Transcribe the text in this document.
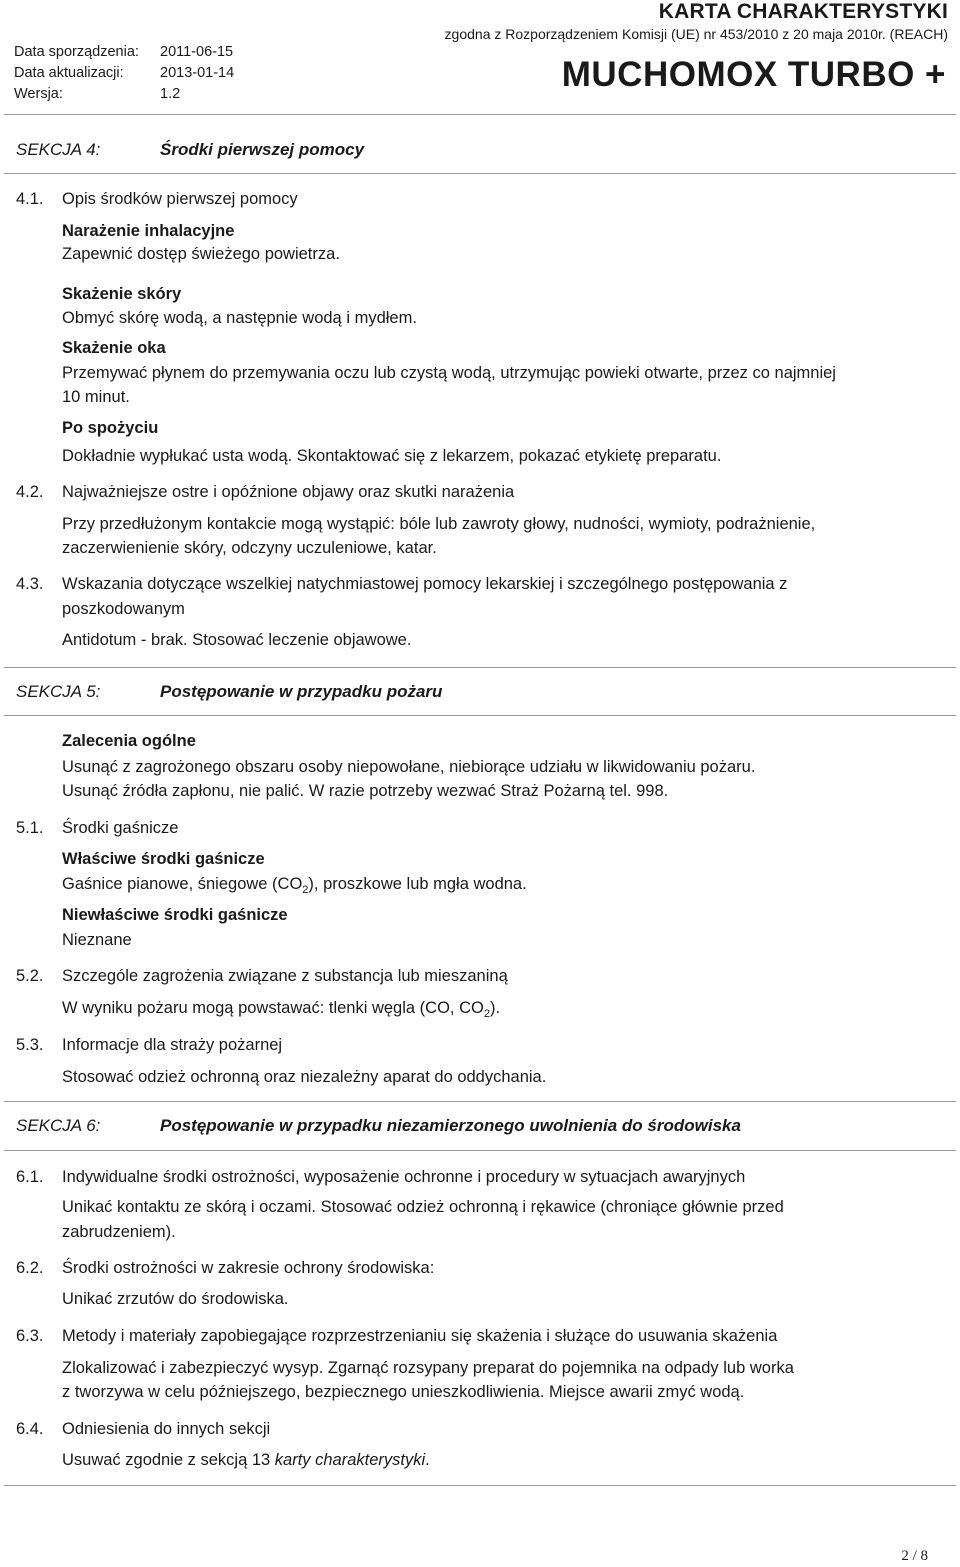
Data sporządzenia: 2011-06-15
Data aktualizacji:	2013-01-14
Wersja:	1.2
KARTA CHARAKTERYSTYKI
zgodna z Rozporządzeniem Komisji (UE) nr 453/2010 z 20 maja 2010r. (REACH)
MUCHOMOX TURBO +
SEKCJA 4:	Środki pierwszej pomocy
4.1. Opis środków pierwszej pomocy
Narażenie inhalacyjne
Zapewnić dostęp świeżego powietrza.
Skażenie skóry
Obmyć skórę wodą, a następnie wodą i mydłem.
Skażenie oka
Przemywać płynem do przemywania oczu lub czystą wodą, utrzymując powieki otwarte, przez co najmniej
10 minut.
Po spożyciu
Dokładnie wypłukać usta wodą. Skontaktować się z lekarzem, pokazać etykietę preparatu.
4.2. Najważniejsze ostre i opóźnione objawy oraz skutki narażenia
Przy przedłużonym kontakcie mogą wystąpić: bóle lub zawroty głowy, nudności, wymioty, podrażnienie,
zaczerwienienie skóry, odczyny uczuleniowe, katar.
4.3. Wskazania dotyczące wszelkiej natychmiastowej pomocy lekarskiej i szczególnego postępowania z
poszkodowanym
Antidotum - brak. Stosować leczenie objawowe.
SEKCJA 5:	Postępowanie w przypadku pożaru
Zalecenia ogólne
Usunąć z zagrożonego obszaru osoby niepowołane, niebiorące udziału w likwidowaniu pożaru.
Usunąć źródła zapłonu, nie palić. W razie potrzeby wezwać Straż Pożarną tel. 998.
5.1. Środki gaśnicze
Właściwe środki gaśnicze
Gaśnice pianowe, śniegowe $(CO_2)$, proszkowe lub mgła wodna.
Niewłaściwe środki gaśnicze
Nieznane
5.2. Szczególe zagrożenia związane z substancja lub mieszaniną
W wyniku pożaru mogą powstawać: tlenki węgla (CO, $CO_2$).
5.3. Informacje dla straży pożarnej
Stosować odzież ochronną oraz niezależny aparat do oddychania.
SEKCJA 6:	Postępowanie w przypadku niezamierzonego uwolnienia do środowiska
6.1. Indywidualne środki ostrożności, wyposażenie ochronne i procedury w sytuacjach awaryjnych
Unikać kontaktu ze skórą i oczami. Stosować odzież ochronną i rękawice (chroniące głównie przed
zabrudzeniem).
6.2. Środki ostrożności w zakresie ochrony środowiska:
Unikać zrzutów do środowiska.
6.3. Metody i materiały zapobiegające rozprzestrzenianiu się skażenia i służące do usuwania skażenia
Zlokalizować i zabezpieczyć wysyp. Zgarnąć rozsypany preparat do pojemnika na odpady lub worka
z tworzywa w celu późniejszego, bezpiecznego unieszkodliwienia. Miejsce awarii zmyć wodą.
6.4. Odniesienia do innych sekcji
Usuwać zgodnie z sekcją 13 karty charakterystyki.
2 / 8
